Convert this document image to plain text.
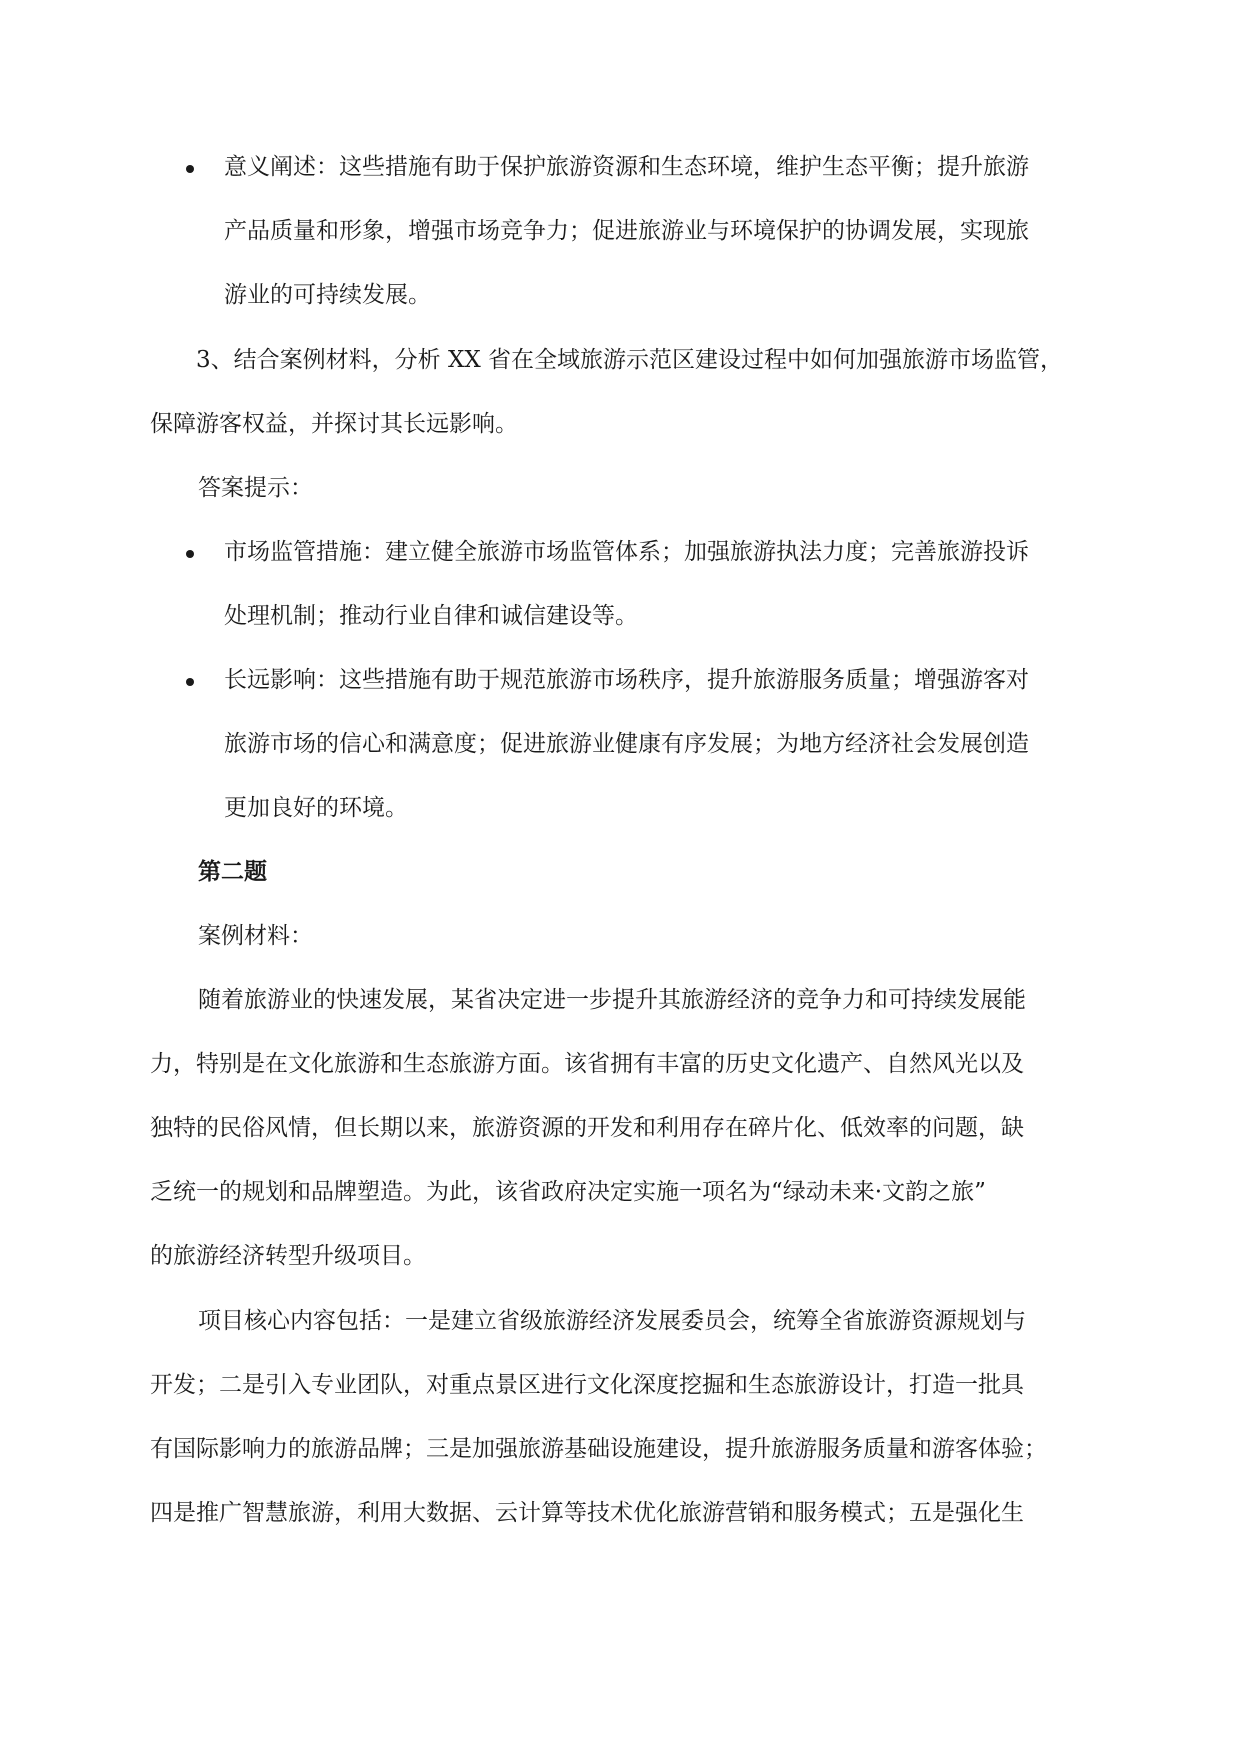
意义阐述：这些措施有助于保护旅游资源和生态环境，维护生态平衡；提升旅游
产品质量和形象，增强市场竞争力；促进旅游业与环境保护的协调发展，实现旅
游业的可持续发展。
3、结合案例材料，分析 XX 省在全域旅游示范区建设过程中如何加强旅游市场监管，
保障游客权益，并探讨其长远影响。
答案提示：
市场监管措施：建立健全旅游市场监管体系；加强旅游执法力度；完善旅游投诉
处理机制；推动行业自律和诚信建设等。
长远影响：这些措施有助于规范旅游市场秩序，提升旅游服务质量；增强游客对
旅游市场的信心和满意度；促进旅游业健康有序发展；为地方经济社会发展创造
更加良好的环境。
第二题
案例材料：
随着旅游业的快速发展，某省决定进一步提升其旅游经济的竞争力和可持续发展能
力，特别是在文化旅游和生态旅游方面。该省拥有丰富的历史文化遗产、自然风光以及
独特的民俗风情，但长期以来，旅游资源的开发和利用存在碎片化、低效率的问题，缺
乏统一的规划和品牌塑造。为此，该省政府决定实施一项名为“绿动未来·文韵之旅”
的旅游经济转型升级项目。
项目核心内容包括：一是建立省级旅游经济发展委员会，统筹全省旅游资源规划与
开发；二是引入专业团队，对重点景区进行文化深度挖掘和生态旅游设计，打造一批具
有国际影响力的旅游品牌；三是加强旅游基础设施建设，提升旅游服务质量和游客体验；
四是推广智慧旅游，利用大数据、云计算等技术优化旅游营销和服务模式；五是强化生
